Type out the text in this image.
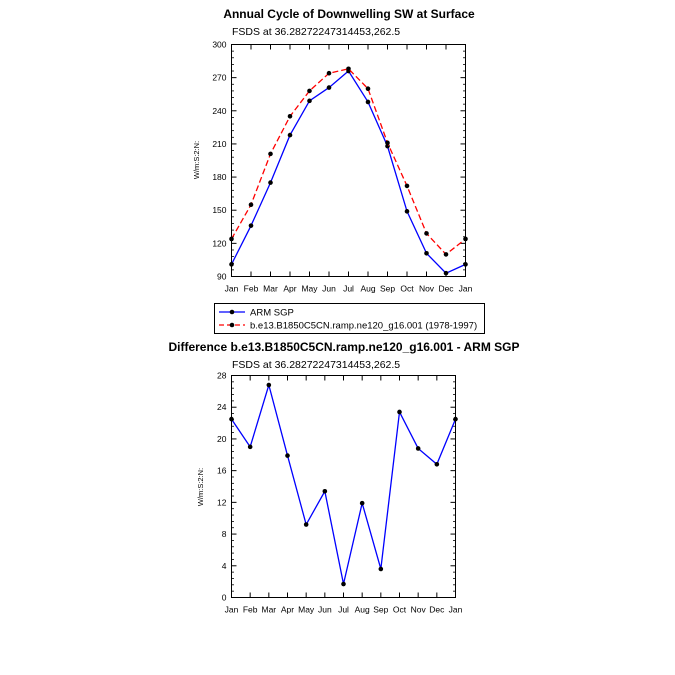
Annual Cycle of Downwelling SW at Surface
FSDS at 36.28272247314453,262.5
W/m:S:2:N:
Jan Feb Mar Apr May Jun Jul Aug Sep Oct Nov Dec Jan
90
120
150
180
210
240
270
300
ARM SGP
b.e13.B1850C5CN.ramp.ne120_g16.001 (1978-1997)
Difference b.e13.B1850C5CN.ramp.ne120_g16.001 - ARM SGP
FSDS at 36.28272247314453,262.5
W/m:S:2:N:
Jan Feb Mar Apr May Jun Jul Aug Sep Oct Nov Dec Jan
0
4
8
12
16
20
24
28
